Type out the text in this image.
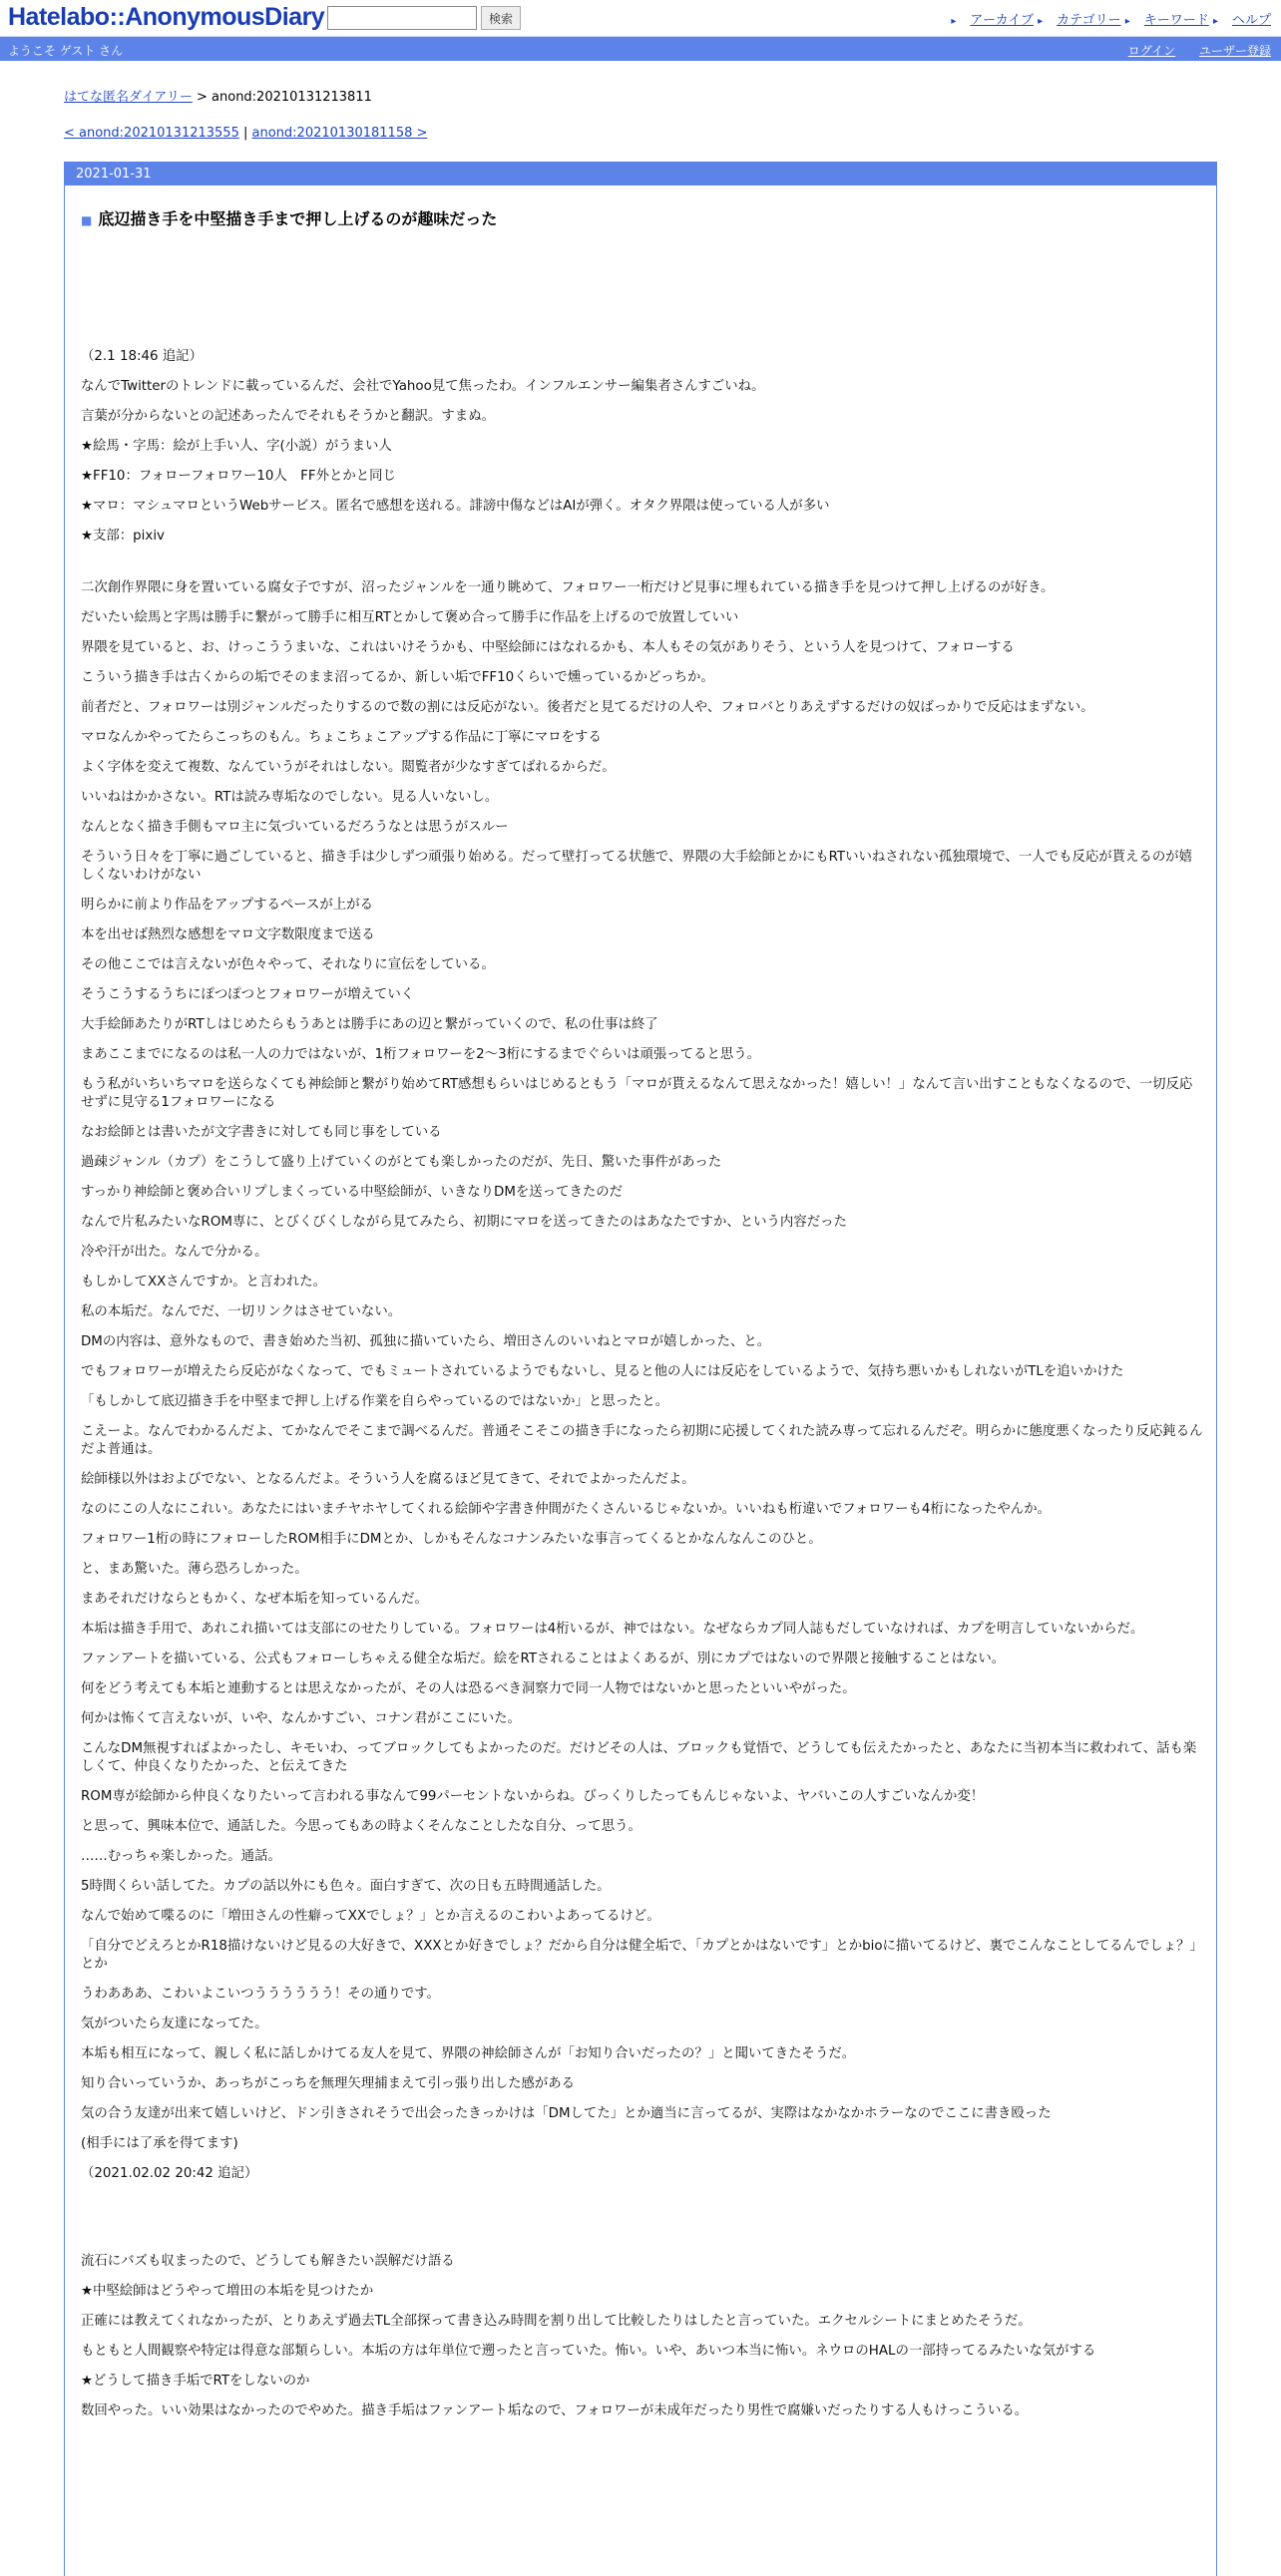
Hatelabo::AnonymousDiary	検索	▸ アーカイブ ▸ カテゴリー ▸ キーワード ▸ ヘルプ
ようこそ ゲスト さん	ログイン ユーザー登録
はてな匿名ダイアリー > anond:20210131213811
< anond:20210131213555 | anond:20210130181158 >
2021-01-31
■ 底辺描き手を中堅描き手まで押し上げるのが趣味だった

（2.1 18:46 追記）

なんでTwitterのトレンドに載っているんだ、会社でYahoo見て焦ったわ。インフルエンサー編集者さんすごいね。

言葉が分からないとの記述あったんでそれもそうかと翻訳。すまぬ。

★絵馬・字馬：絵が上手い人、字(小説）がうまい人

★FF10：フォローフォロワー10人　FF外とかと同じ

★マロ：マシュマロというWebサービス。匿名で感想を送れる。誹謗中傷などはAIが弾く。オタク界隈は使っている人が多い

★支部：pixiv

二次創作界隈に身を置いている腐女子ですが、沼ったジャンルを一通り眺めて、フォロワー一桁だけど見事に埋もれている描き手を見つけて押し上げるのが好き。

だいたい絵馬と字馬は勝手に繋がって勝手に相互RTとかして褒め合って勝手に作品を上げるので放置していい

界隈を見ていると、お、けっこううまいな、これはいけそうかも、中堅絵師にはなれるかも、本人もその気がありそう、という人を見つけて、フォローする

こういう描き手は古くからの垢でそのまま沼ってるか、新しい垢でFF10くらいで燻っているかどっちか。

前者だと、フォロワーは別ジャンルだったりするので数の割には反応がない。後者だと見てるだけの人や、フォロバとりあえずするだけの奴ばっかりで反応はまずない。

マロなんかやってたらこっちのもん。ちょこちょこアップする作品に丁寧にマロをする

よく字体を変えて複数、なんていうがそれはしない。閲覧者が少なすぎてばれるからだ。

いいねはかかさない。RTは読み専垢なのでしない。見る人いないし。

なんとなく描き手側もマロ主に気づいているだろうなとは思うがスルー

そういう日々を丁寧に過ごしていると、描き手は少しずつ頑張り始める。だって壁打ってる状態で、界隈の大手絵師とかにもRTいいねされない孤独環境で、一人でも反応が貰えるのが嬉しくないわけがない

明らかに前より作品をアップするペースが上がる

本を出せば熱烈な感想をマロ文字数限度まで送る

その他ここでは言えないが色々やって、それなりに宣伝をしている。

そうこうするうちにぽつぽつとフォロワーが増えていく

大手絵師あたりがRTしはじめたらもうあとは勝手にあの辺と繋がっていくので、私の仕事は終了

まあここまでになるのは私一人の力ではないが、1桁フォロワーを2～3桁にするまでぐらいは頑張ってると思う。

もう私がいちいちマロを送らなくても神絵師と繋がり始めてRT感想もらいはじめるともう「マロが貰えるなんて思えなかった！嬉しい！」なんて言い出すこともなくなるので、一切反応せずに見守る1フォロワーになる

なお絵師とは書いたが文字書きに対しても同じ事をしている

過疎ジャンル（カプ）をこうして盛り上げていくのがとても楽しかったのだが、先日、驚いた事件があった

すっかり神絵師と褒め合いリプしまくっている中堅絵師が、いきなりDMを送ってきたのだ

なんで片私みたいなROM専に、とびくびくしながら見てみたら、初期にマロを送ってきたのはあなたですか、という内容だった

冷や汗が出た。なんで分かる。

もしかしてXXさんですか。と言われた。

私の本垢だ。なんでだ、一切リンクはさせていない。

DMの内容は、意外なもので、書き始めた当初、孤独に描いていたら、増田さんのいいねとマロが嬉しかった、と。

でもフォロワーが増えたら反応がなくなって、でもミュートされているようでもないし、見ると他の人には反応をしているようで、気持ち悪いかもしれないがTLを追いかけた

「もしかして底辺描き手を中堅まで押し上げる作業を自らやっているのではないか」と思ったと。

こえーよ。なんでわかるんだよ、てかなんでそこまで調べるんだ。普通そこそこの描き手になったら初期に応援してくれた読み専って忘れるんだぞ。明らかに態度悪くなったり反応鈍るんだよ普通は。

絵師様以外はおよびでない、となるんだよ。そういう人を腐るほど見てきて、それでよかったんだよ。

なのにこの人なにこれい。あなたにはいまチヤホヤしてくれる絵師や字書き仲間がたくさんいるじゃないか。いいねも桁違いでフォロワーも4桁になったやんか。

フォロワー1桁の時にフォローしたROM相手にDMとか、しかもそんなコナンみたいな事言ってくるとかなんなんこのひと。

と、まあ驚いた。薄ら恐ろしかった。

まあそれだけならともかく、なぜ本垢を知っているんだ。

本垢は描き手用で、あれこれ描いては支部にのせたりしている。フォロワーは4桁いるが、神ではない。なぜならカプ同人誌もだしていなければ、カプを明言していないからだ。

ファンアートを描いている、公式もフォローしちゃえる健全な垢だ。絵をRTされることはよくあるが、別にカプではないので界隈と接触することはない。

何をどう考えても本垢と連動するとは思えなかったが、その人は恐るべき洞察力で同一人物ではないかと思ったといいやがった。

何かは怖くて言えないが、いや、なんかすごい、コナン君がここにいた。

こんなDM無視すればよかったし、キモいわ、ってブロックしてもよかったのだ。だけどその人は、ブロックも覚悟で、どうしても伝えたかったと、あなたに当初本当に救われて、話も楽しくて、仲良くなりたかった、と伝えてきた

ROM専が絵師から仲良くなりたいって言われる事なんて99パーセントないからね。びっくりしたってもんじゃないよ、ヤバいこの人すごいなんか変！

と思って、興味本位で、通話した。今思ってもあの時よくそんなことしたな自分、って思う。

……むっちゃ楽しかった。通話。

5時間くらい話してた。カプの話以外にも色々。面白すぎて、次の日も五時間通話した。

なんで始めて喋るのに「増田さんの性癖ってXXでしょ？」とか言えるのこわいよあってるけど。

「自分でどえろとかR18描けないけど見るの大好きで、XXXとか好きでしょ？だから自分は健全垢で、「カプとかはないです」とかbioに描いてるけど、裏でこんなことしてるんでしょ？」とか

うわあああ、こわいよこいつうううううう！その通りです。

気がついたら友達になってた。

本垢も相互になって、親しく私に話しかけてる友人を見て、界隈の神絵師さんが「お知り合いだったの？」と聞いてきたそうだ。

知り合いっていうか、あっちがこっちを無理矢理捕まえて引っ張り出した感がある

気の合う友達が出来て嬉しいけど、ドン引きされそうで出会ったきっかけは「DMしてた」とか適当に言ってるが、実際はなかなかホラーなのでここに書き殴った

(相手には了承を得てます)

（2021.02.02 20:42 追記）

流石にバズも収まったので、どうしても解きたい誤解だけ語る

★中堅絵師はどうやって増田の本垢を見つけたか

正確には教えてくれなかったが、とりあえず過去TL全部探って書き込み時間を割り出して比較したりはしたと言っていた。エクセルシートにまとめたそうだ。

もともと人間観察や特定は得意な部類らしい。本垢の方は年単位で遡ったと言っていた。怖い。いや、あいつ本当に怖い。ネウロのHALの一部持ってるみたいな気がする

★どうして描き手垢でRTをしないのか

数回やった。いい効果はなかったのでやめた。描き手垢はファンアート垢なので、フォロワーが未成年だったり男性で腐嫌いだったりする人もけっこういる。
